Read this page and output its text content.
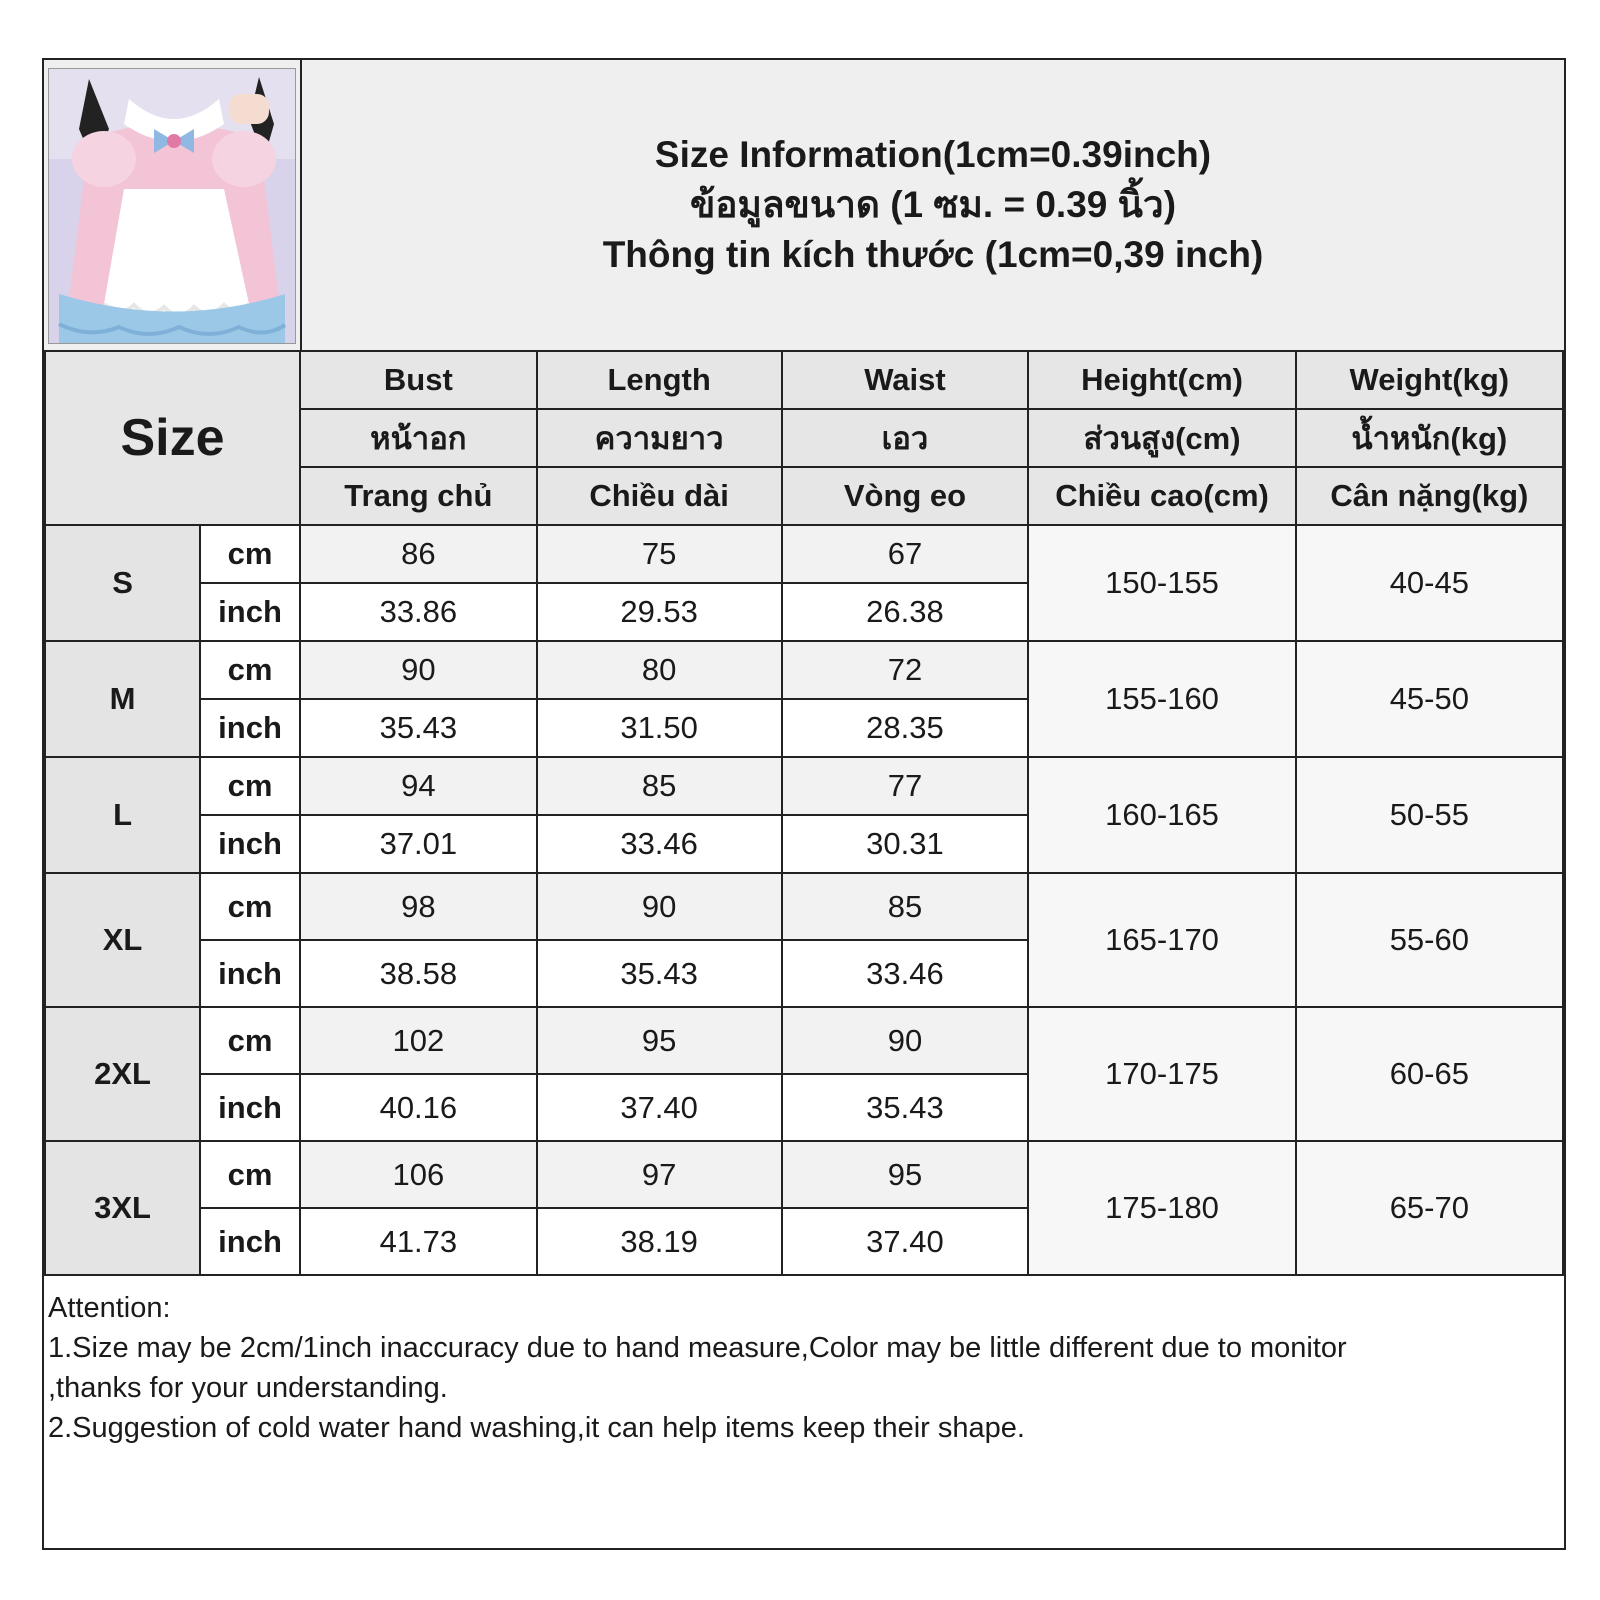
Size Information(1cm=0.39inch)
ข้อมูลขนาด (1 ซม. = 0.39 นิ้ว)
Thông tin kích thước (1cm=0,39 inch)
Size		Bust	Length	Waist	Height(cm)	Weight(kg)
		หน้าอก	ความยาว	เอว	ส่วนสูง(cm)	น้ำหนัก(kg)
		Trang chủ	Chiều dài	Vòng eo	Chiều cao(cm)	Cân nặng(kg)
S	cm	86	75	67	150-155	40-45
	inch	33.86	29.53	26.38		
M	cm	90	80	72	155-160	45-50
	inch	35.43	31.50	28.35		
L	cm	94	85	77	160-165	50-55
	inch	37.01	33.46	30.31		
XL	cm	98	90	85	165-170	55-60
	inch	38.58	35.43	33.46		
2XL	cm	102	95	90	170-175	60-65
	inch	40.16	37.40	35.43		
3XL	cm	106	97	95	175-180	65-70
	inch	41.73	38.19	37.40		
Attention:
1.Size may be 2cm/1inch inaccuracy due to hand measure,Color may be little different due to monitor
,thanks for your understanding.
2.Suggestion of cold water hand washing,it can help items keep their shape.
